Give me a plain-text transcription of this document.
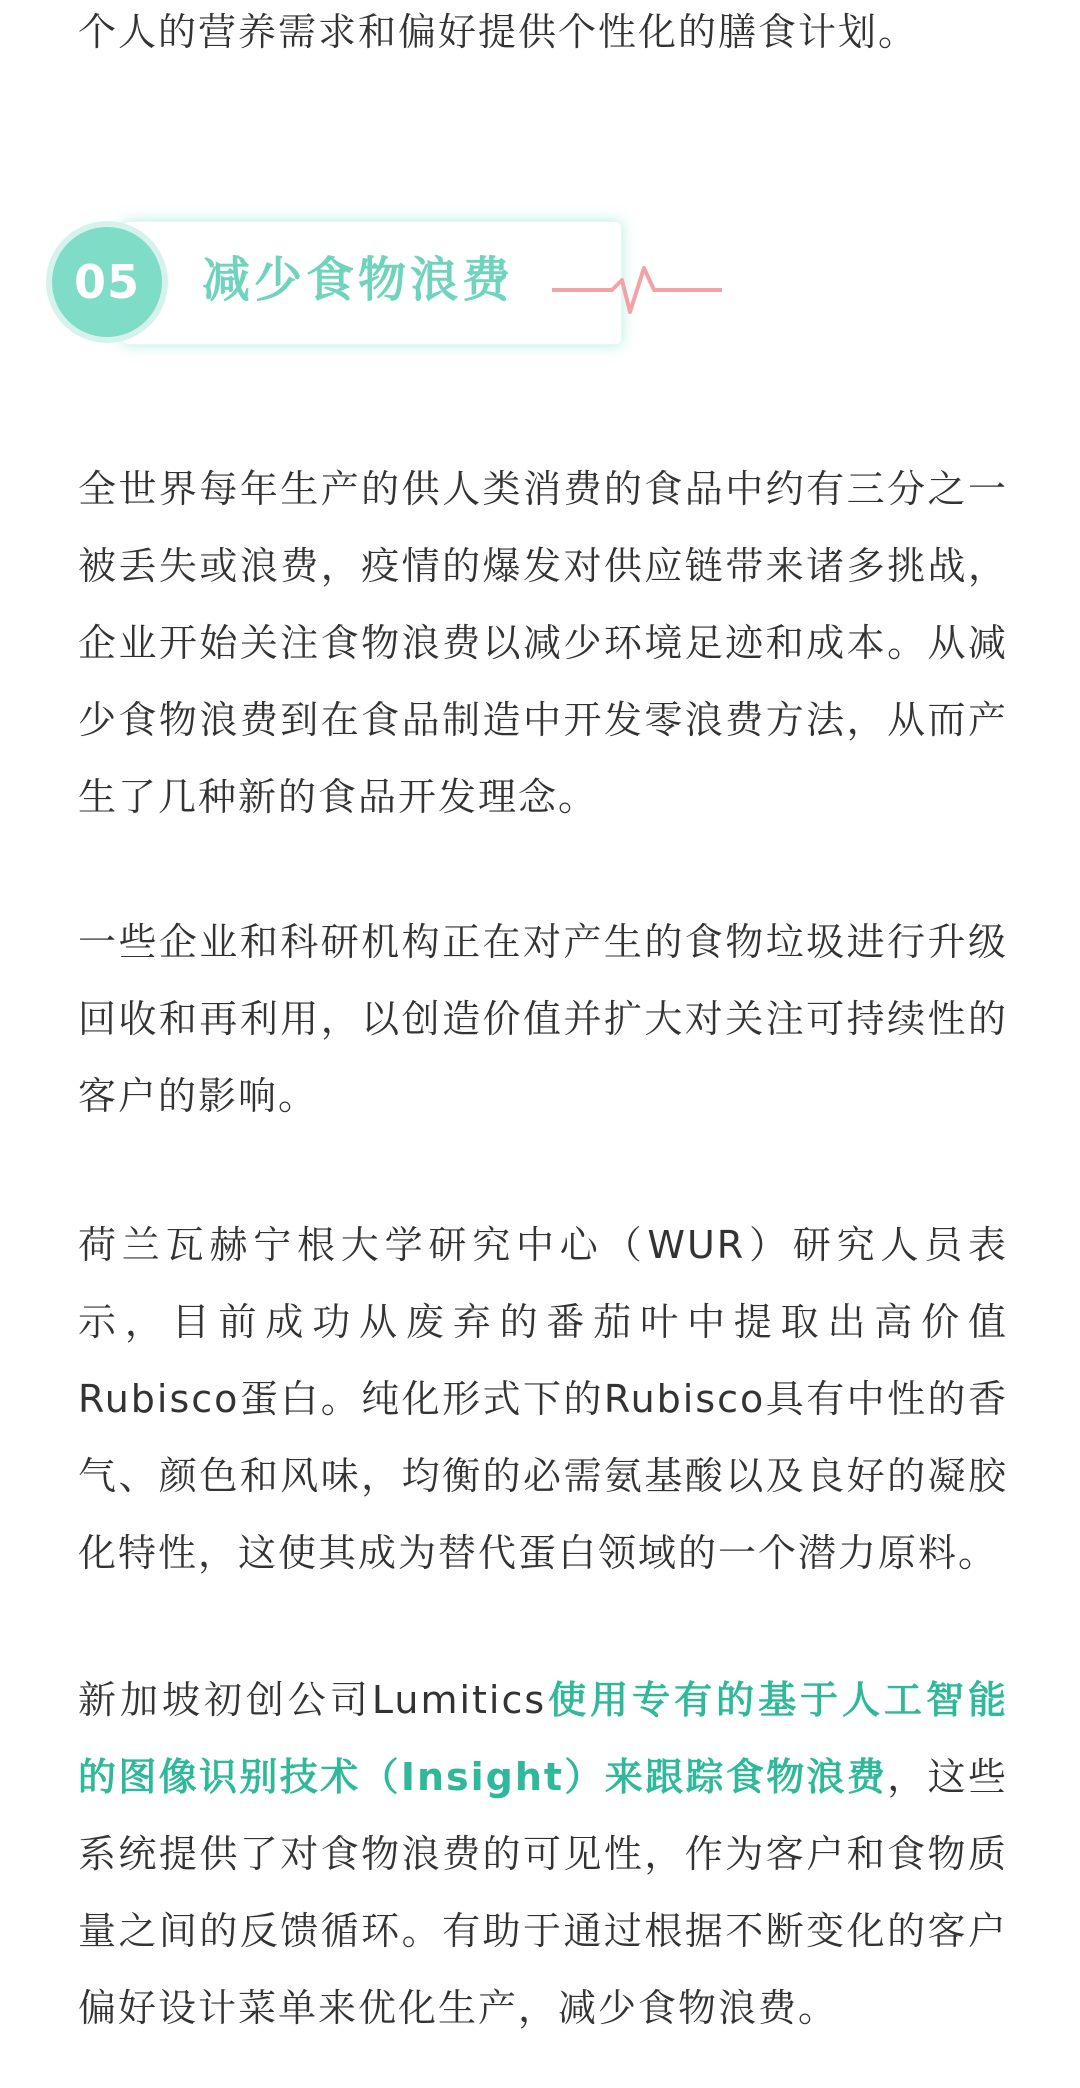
个人的营养需求和偏好提供个性化的膳食计划。

05	减少食物浪费

全世界每年生产的供人类消费的食品中约有三分之一被丢失或浪费，疫情的爆发对供应链带来诸多挑战，企业开始关注食物浪费以减少环境足迹和成本。从减少食物浪费到在食品制造中开发零浪费方法，从而产生了几种新的食品开发理念。

一些企业和科研机构正在对产生的食物垃圾进行升级回收和再利用，以创造价值并扩大对关注可持续性的客户的影响。

荷兰瓦赫宁根大学研究中心（WUR）研究人员表示，目前成功从废弃的番茄叶中提取出高价值Rubisco蛋白。纯化形式下的Rubisco具有中性的香气、颜色和风味，均衡的必需氨基酸以及良好的凝胶化特性，这使其成为替代蛋白领域的一个潜力原料。

新加坡初创公司Lumitics使用专有的基于人工智能的图像识别技术（Insight）来跟踪食物浪费，这些系统提供了对食物浪费的可见性，作为客户和食物质量之间的反馈循环。有助于通过根据不断变化的客户偏好设计菜单来优化生产，减少食物浪费。
